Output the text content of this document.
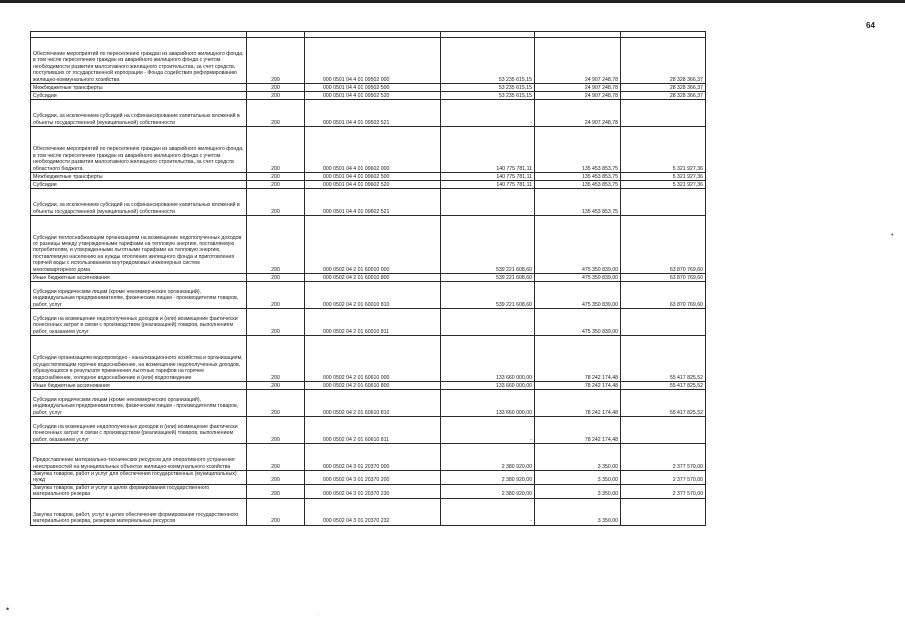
64
•
•
·

Обеспечение мероприятий по переселению граждан из аварийного жилищного фонда, в том числе переселению граждан из аварийного жилищного фонда с учетом необходимости развития малоэтажного жилищного строительства, за счет средств, поступивших от государственной корпорации - Фонда содействия реформированию жилищно-коммунального хозяйства	200	000 0501 04 4 01 09502 000	53 235 615,15	24 907 248,78	28 328 366,37
Межбюджетные трансферты	200	000 0501 04 4 01 09502 500	53 235 615,15	24 907 248,78	28 328 366,37
Субсидии	200	000 0501 04 4 01 09502 520	53 235 615,15	24 907 248,78	28 328 366,37
Субсидии, за исключением субсидий на софинансирование капитальных вложений в объекты государственной (муниципальной) собственности	200	000 0501 04 4 01 09502 521	-	24 907 248,78	
Обеспечение мероприятий по переселению граждан из аварийного жилищного фонда, в том числе переселению граждан из аварийного жилищного фонда с учетом необходимости развития малоэтажного жилищного строительства, за счет средств областного бюджета	200	000 0501 04 4 01 09602 000	140 775 781,11	135 453 853,75	5 321 927,36
Межбюджетные трансферты	200	000 0501 04 4 01 09602 500	140 775 781,11	135 453 853,75	5 321 927,36
Субсидии	200	000 0501 04 4 01 09602 520	140 775 781,11	135 453 853,75	5 321 927,36
Субсидии, за исключением субсидий на софинансирование капитальных вложений в объекты государственной (муниципальной) собственности	200	000 0501 04 4 01 09602 521	-	135 453 853,75	
Субсидии теплоснабжающим организациям на возмещение недополученных доходов от разницы между утвержденными тарифами на тепловую энергию, поставляемую потребителям, и утвержденными льготными тарифами на тепловую энергию, поставляемую населению на нужды отопления жилищного фонда и приготовления горячей воды с использованием внутридомовых инженерных систем многоквартирного дома	200	000 0502 04 2 01 60010 000	539 221 608,60	475 350 839,00	63 870 769,60
Иные бюджетные ассигнования	200	000 0502 04 2 01 60010 800	539 221 608,60	475 350 839,00	63 870 769,60
Субсидии юридическим лицам (кроме некоммерческих организаций), индивидуальным предпринимателям, физическим лицам - производителям товаров, работ, услуг	200	000 0502 04 2 01 60010 810	539 221 608,60	475 350 839,00	63 870 769,60
Субсидии на возмещение недополученных доходов и (или) возмещение фактически понесенных затрат в связи с производством (реализацией) товаров, выполнением работ, оказанием услуг	200	000 0502 04 2 01 60010 811	-	475 350 839,00	
Субсидии организациям водопроводно - канализационного хозяйства и организациям, осуществляющим горячее водоснабжение, на возмещение недополученных доходов, образующихся в результате применения льготных тарифов на горячее водоснабжение, холодное водоснабжение и (или) водоотведение	200	000 0502 04 2 01 60610 000	133 660 000,00	78 242 174,48	55 417 825,52
Иные бюджетные ассигнования	200	000 0502 04 2 01 60610 800	133 660 000,00	78 242 174,48	55 417 825,52
Субсидии юридическим лицам (кроме некоммерческих организаций), индивидуальным предпринимателям, физическим лицам - производителям товаров, работ, услуг	200	000 0502 04 2 01 60610 810	133 660 000,00	78 242 174,48	55 417 825,52
Субсидии на возмещение недополученных доходов и (или) возмещение фактически понесенных затрат в связи с производством (реализацией) товаров, выполнением работ, оказанием услуг	200	000 0502 04 2 01 60610 811	-	78 242 174,48	
Предоставление материально-технических ресурсов для оперативного устранения неисправностей на муниципальных объектах жилищно-коммунального хозяйства	200	000 0502 04 3 01 20370 000	2 380 920,00	3 350,00	2 377 570,00
Закупка товаров, работ и услуг для обеспечения государственных (муниципальных) нужд	200	000 0502 04 3 01 20370 200	2 380 920,00	3 350,00	2 377 570,00
Закупка товаров, работ и услуг в целях формирования государственного материального резерва	200	000 0502 04 3 01 20370 230	2 380 920,00	3 350,00	2 377 570,00
Закупка товаров, работ, услуг в целях обеспечения формирования государственного материального резерва, резервов материальных ресурсов	200	000 0502 04 3 01 20370 232	-	3 350,00	
